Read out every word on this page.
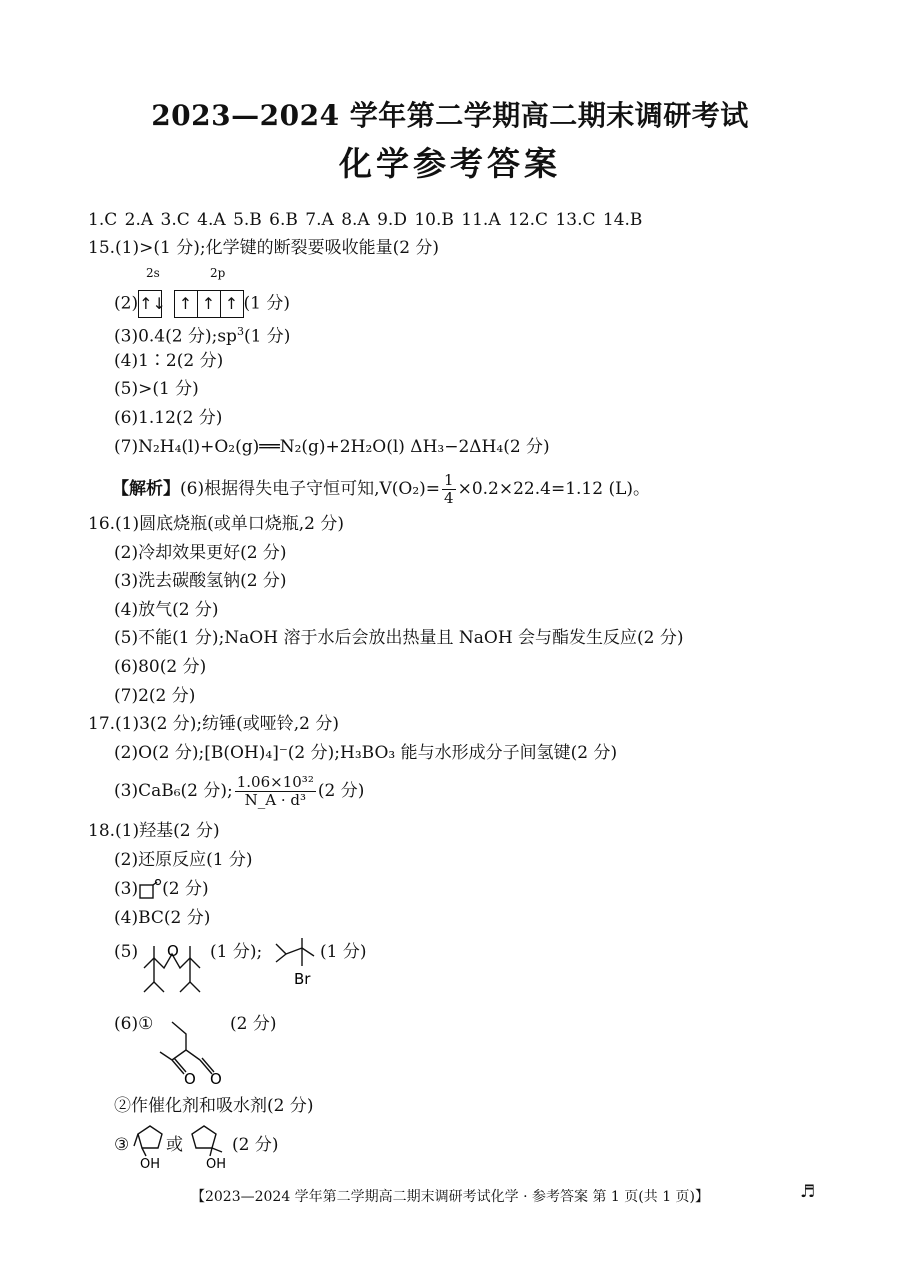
2023—2024 学年第二学期高二期末调研考试
化学参考答案
1.C 2.A 3.C 4.A 5.B 6.B 7.A 8.A 9.D 10.B 11.A 12.C 13.C 14.B
15.(1)>(1 分);化学键的断裂要吸收能量(2 分)
2s	2p
(2)↑↓ ↑ ↑ ↑ (1 分)
(3)0.4(2 分)$;sp^3(1$ 分)
(4)1∶2(2 分)
(5)>(1 分)
(6)1.12(2 分)
(7)N₂H₄(l)+O₂(g)══N₂(g)+2H₂O(l) ΔH₃−2ΔH₄(2 分)
【解析】(6)根据得失电子守恒可知$,V(O_2)= \frac{1}{4} \times 0.2\times 22.4=1.12$ (L)。
16.(1)圆底烧瓶(或单口烧瓶,2 分)
(2)冷却效果更好(2 分)
(3)洗去碳酸氢钠(2 分)
(4)放气(2 分)
(5)不能(1 分);NaOH 溶于水后会放出热量且 NaOH 会与酯发生反应(2 分)
(6)80(2 分)
(7)2(2 分)
17.(1)3(2 分);纺锤(或哑铃,2 分)
(2)O(2 分);[B(OH)₄]⁻(2 分);H₃BO₃ 能与水形成分子间氢键(2 分)
(3)CaB₆(2 分); $\frac{\text{1.06×10³²}}{\text{N\_A · d³}} (2$ 分)
18.(1)羟基(2 分)
(2)还原反应(1 分)
(3) (2 分)
(4)BC(2 分)
(5) O (1 分);
Br
(1 分)
(6)①
O O
(2 分)
②作催化剂和吸水剂(2 分)
③
OH
或
OH
(2 分)
【2023—2024 学年第二学期高二期末调研考试化学 · 参考答案 第 1 页(共 1 页)】	♬
